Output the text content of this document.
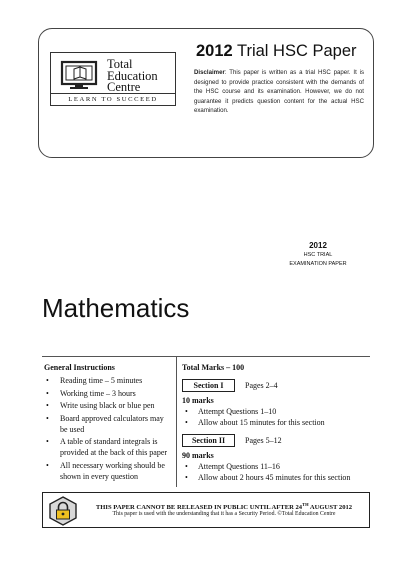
Total
Education
Centre
LEARN TO SUCCEED
2012 Trial HSC Paper
Disclaimer: This paper is written as a trial HSC paper. It is designed to provide practice consistent with the demands of the HSC course and its examination. However, we do not guarantee it predicts question content for the actual HSC examination.
2012
HSC TRIAL
EXAMINATION PAPER
Mathematics
General Instructions
• Reading time – 5 minutes
• Working time – 3 hours
• Write using black or blue pen
• Board approved calculators may be used
• A table of standard integrals is provided at the back of this paper
• All necessary working should be shown in every question
Total Marks – 100
Section I	Pages 2–4
10 marks
• Attempt Questions 1–10
• Allow about 15 minutes for this section
Section II	Pages 5–12
90 marks
• Attempt Questions 11–16
• Allow about 2 hours 45 minutes for this section
THIS PAPER CANNOT BE RELEASED IN PUBLIC UNTIL AFTER 24TH AUGUST 2012
This paper is used with the understanding that it has a Security Period. ©Total Education Centre
